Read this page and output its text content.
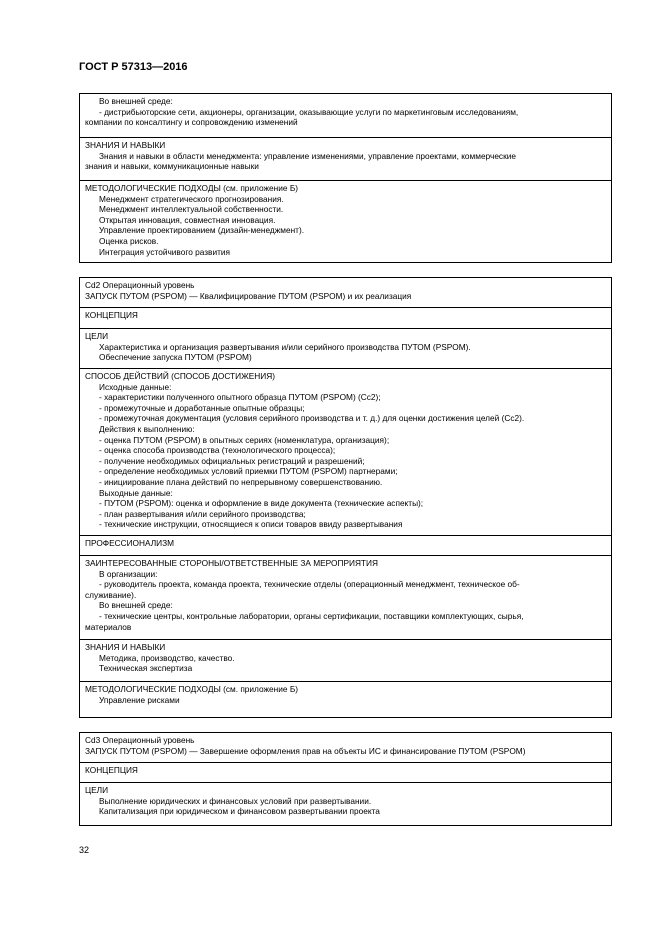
ГОСТ Р 57313—2016
Во внешней среде:
- дистрибьюторские сети, акционеры, организации, оказывающие услуги по маркетинговым исследованиям,
компании по консалтингу и сопровождению изменений
ЗНАНИЯ И НАВЫКИ
Знания и навыки в области менеджмента: управление изменениями, управление проектами, коммерческие
знания и навыки, коммуникационные навыки
МЕТОДОЛОГИЧЕСКИЕ ПОДХОДЫ (см. приложение Б)
Менеджмент стратегического прогнозирования.
Менеджмент интеллектуальной собственности.
Открытая инновация, совместная инновация.
Управление проектированием (дизайн-менеджмент).
Оценка рисков.
Интеграция устойчивого развития
Cd2 Операционный уровень
ЗАПУСК ПУТОМ (PSPOM) — Квалифицирование ПУТОМ (PSPOM) и их реализация
КОНЦЕПЦИЯ
ЦЕЛИ
Характеристика и организация развертывания и/или серийного производства ПУТОМ (PSPOM).
Обеспечение запуска ПУТОМ (PSPOM)
СПОСОБ ДЕЙСТВИЙ (СПОСОБ ДОСТИЖЕНИЯ)
Исходные данные:
- характеристики полученного опытного образца ПУТОМ (PSPOM) (Cc2);
- промежуточные и доработанные опытные образцы;
- промежуточная документация (условия серийного производства и т. д.) для оценки достижения целей (Cc2).
Действия к выполнению:
- оценка ПУТОМ (PSPOM) в опытных сериях (номенклатура, организация);
- оценка способа производства (технологического процесса);
- получение необходимых официальных регистраций и разрешений;
- определение необходимых условий приемки ПУТОМ (PSPOM) партнерами;
- инициирование плана действий по непрерывному совершенствованию.
Выходные данные:
- ПУТОМ (PSPOM): оценка и оформление в виде документа (технические аспекты);
- план развертывания и/или серийного производства;
- технические инструкции, относящиеся к описи товаров ввиду развертывания
ПРОФЕССИОНАЛИЗМ
ЗАИНТЕРЕСОВАННЫЕ СТОРОНЫ/ОТВЕТСТВЕННЫЕ ЗА МЕРОПРИЯТИЯ
В организации:
- руководитель проекта, команда проекта, технические отделы (операционный менеджмент, техническое об-
служивание).
Во внешней среде:
- технические центры, контрольные лаборатории, органы сертификации, поставщики комплектующих, сырья,
материалов
ЗНАНИЯ И НАВЫКИ
Методика, производство, качество.
Техническая экспертиза
МЕТОДОЛОГИЧЕСКИЕ ПОДХОДЫ (см. приложение Б)
Управление рисками
Cd3 Операционный уровень
ЗАПУСК ПУТОМ (PSPOM) — Завершение оформления прав на объекты ИС и финансирование ПУТОМ (PSPOM)
КОНЦЕПЦИЯ
ЦЕЛИ
Выполнение юридических и финансовых условий при развертывании.
Капитализация при юридическом и финансовом развертывании проекта
32
